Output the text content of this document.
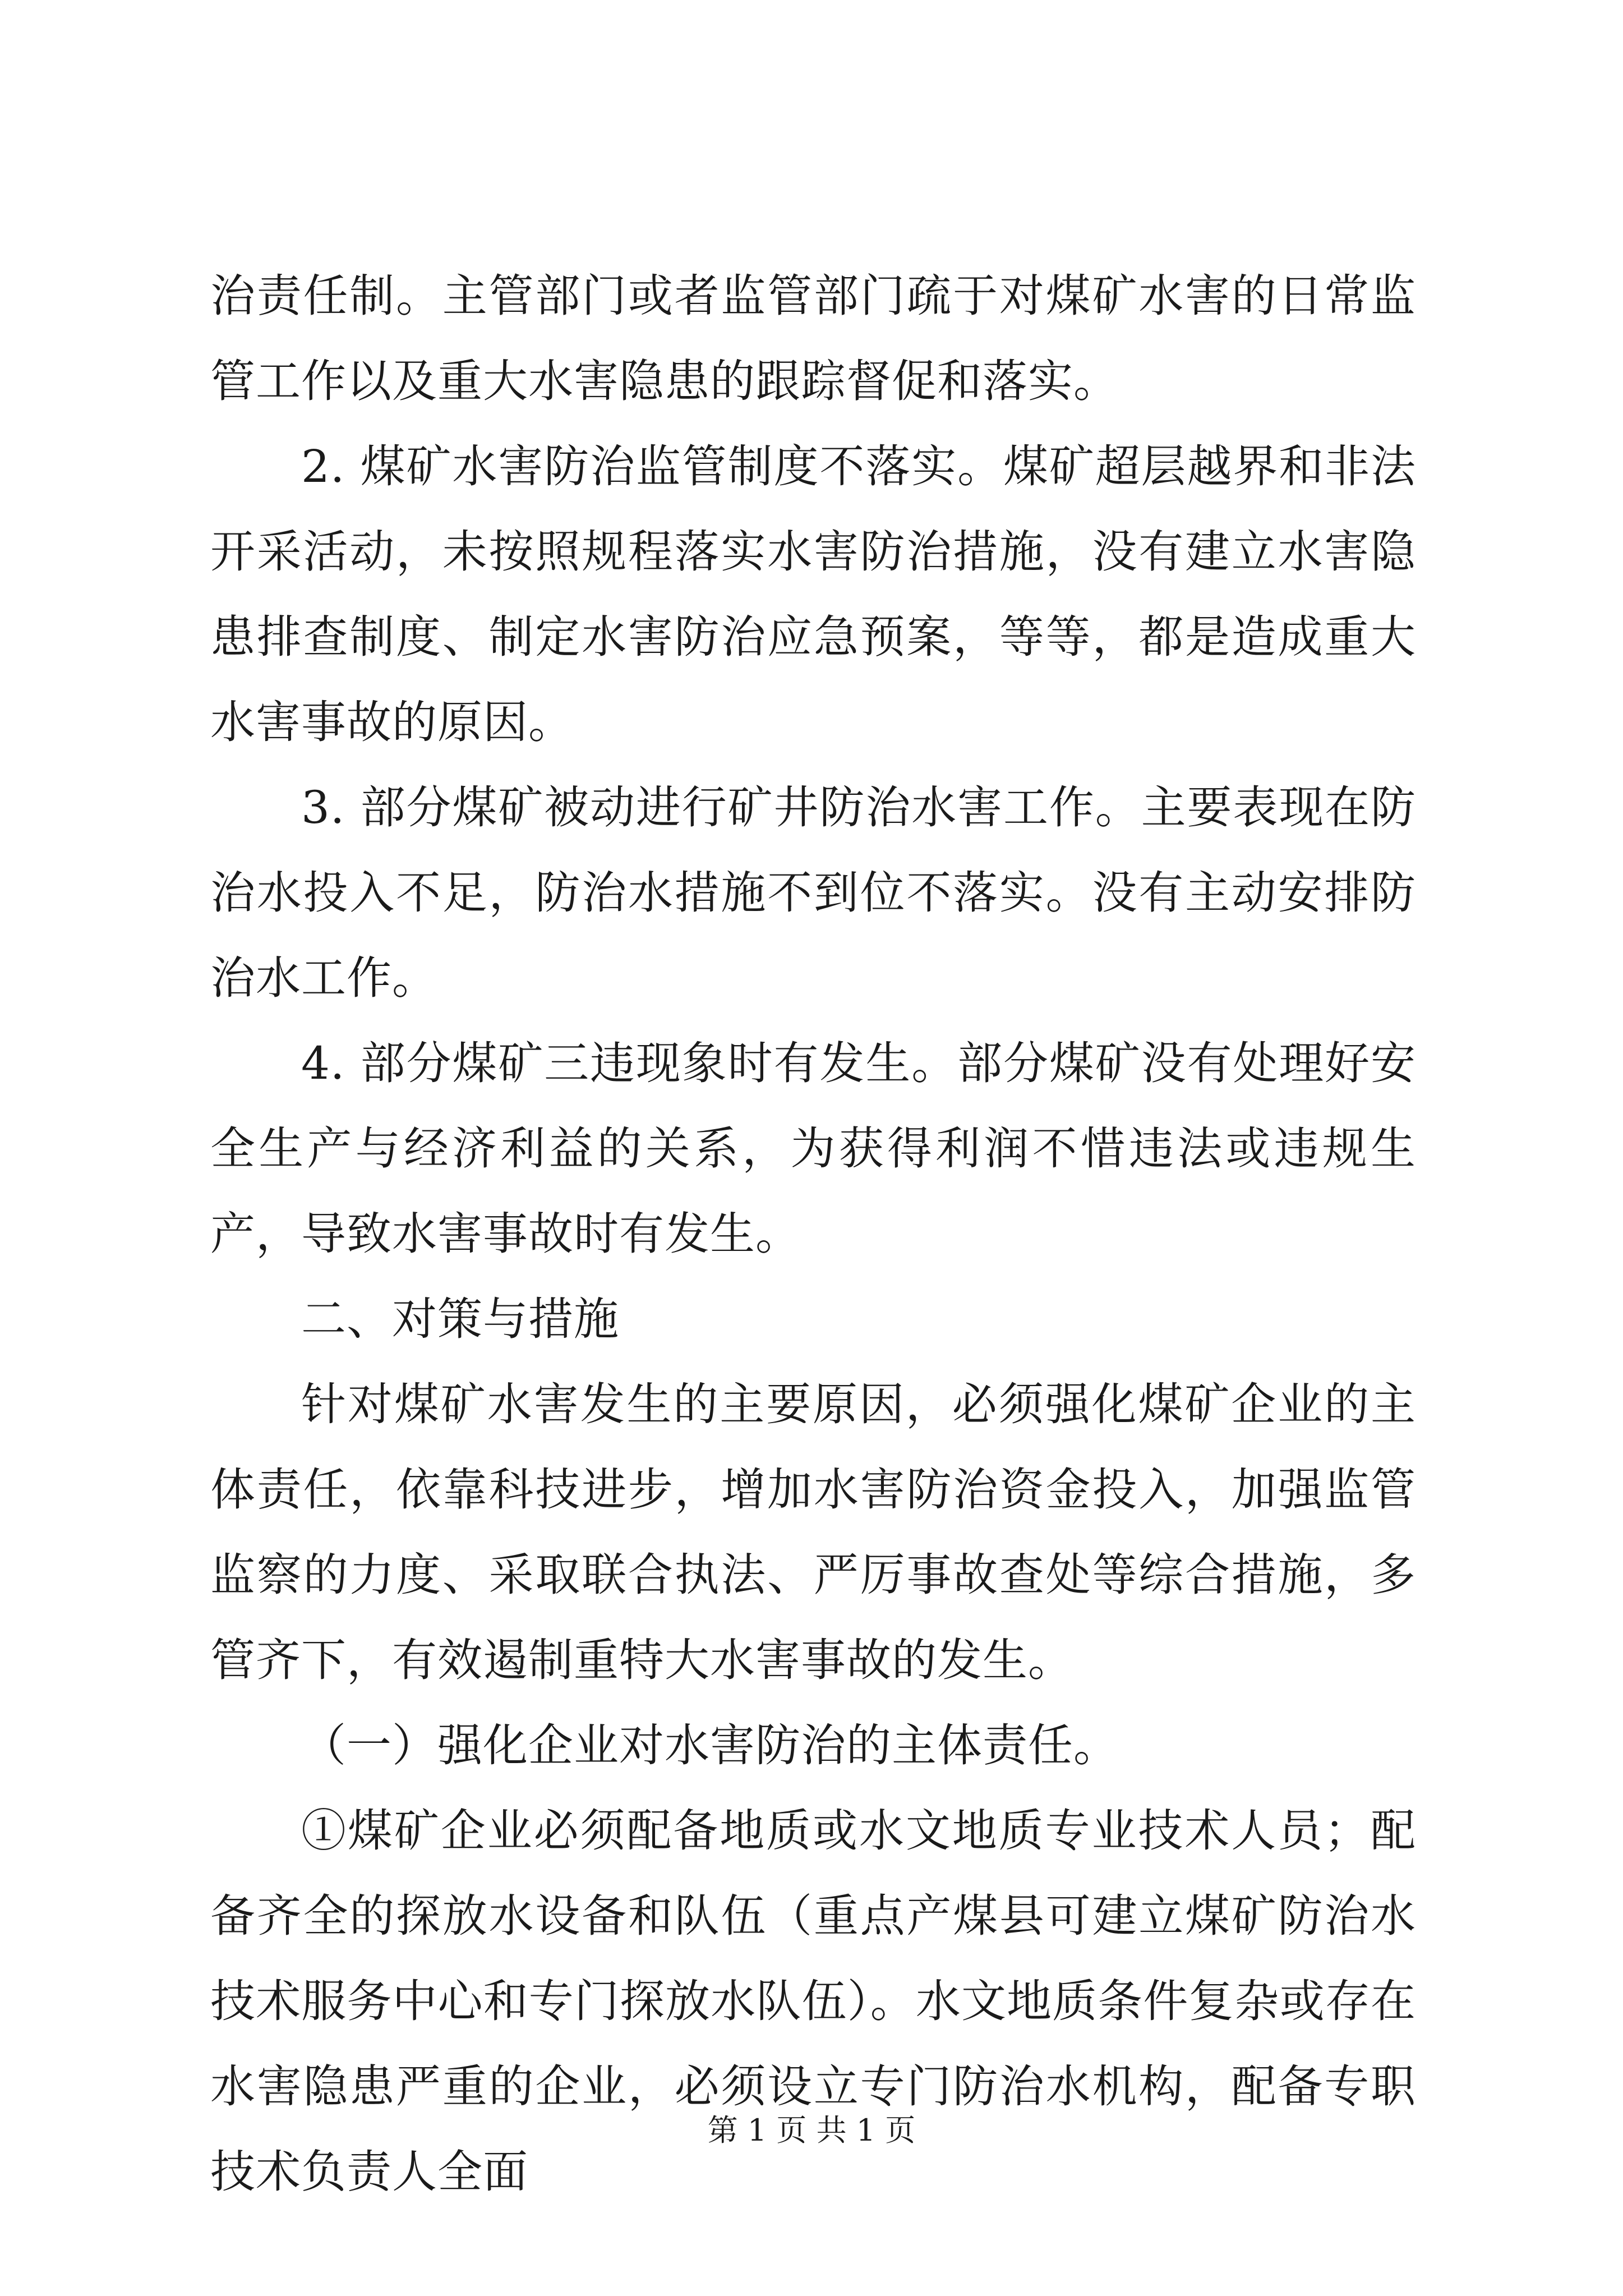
治责任制。主管部门或者监管部门疏于对煤矿水害的日常监管工作以及重大水害隐患的跟踪督促和落实。

2. 煤矿水害防治监管制度不落实。煤矿超层越界和非法开采活动，未按照规程落实水害防治措施，没有建立水害隐患排查制度、制定水害防治应急预案，等等，都是造成重大水害事故的原因。

3. 部分煤矿被动进行矿井防治水害工作。主要表现在防治水投入不足，防治水措施不到位不落实。没有主动安排防治水工作。

4. 部分煤矿三违现象时有发生。部分煤矿没有处理好安全生产与经济利益的关系，为获得利润不惜违法或违规生产，导致水害事故时有发生。

二、对策与措施

针对煤矿水害发生的主要原因，必须强化煤矿企业的主体责任，依靠科技进步，增加水害防治资金投入，加强监管监察的力度、采取联合执法、严厉事故查处等综合措施，多管齐下，有效遏制重特大水害事故的发生。

（一）强化企业对水害防治的主体责任。

①煤矿企业必须配备地质或水文地质专业技术人员；配备齐全的探放水设备和队伍（重点产煤县可建立煤矿防治水技术服务中心和专门探放水队伍）。水文地质条件复杂或存在水害隐患严重的企业，必须设立专门防治水机构，配备专职技术负责人全面

第 1 页 共 1 页
